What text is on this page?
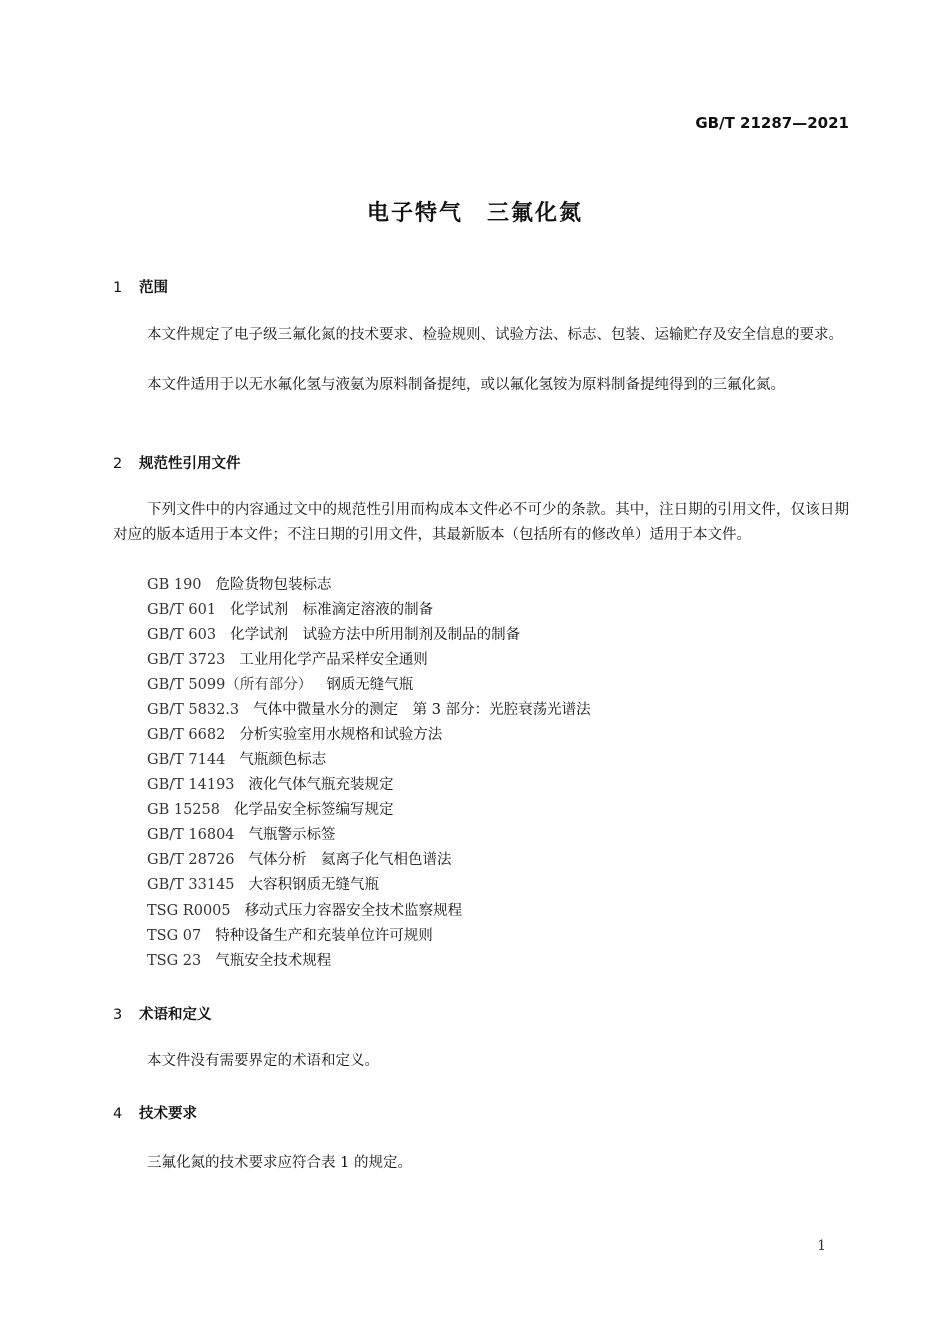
GB/T 21287—2021
电子特气　三氟化氮
1 范围
本文件规定了电子级三氟化氮的技术要求、检验规则、试验方法、标志、包装、运输贮存及安全信息的要求。
本文件适用于以无水氟化氢与液氨为原料制备提纯，或以氟化氢铵为原料制备提纯得到的三氟化氮。
2 规范性引用文件
下列文件中的内容通过文中的规范性引用而构成本文件必不可少的条款。其中，注日期的引用文件，仅该日期对应的版本适用于本文件；不注日期的引用文件，其最新版本（包括所有的修改单）适用于本文件。
GB 190 危险货物包装标志
GB/T 601 化学试剂　标准滴定溶液的制备
GB/T 603 化学试剂　试验方法中所用制剂及制品的制备
GB/T 3723 工业用化学产品采样安全通则
GB/T 5099（所有部分） 钢质无缝气瓶
GB/T 5832.3 气体中微量水分的测定　第 3 部分：光腔衰荡光谱法
GB/T 6682 分析实验室用水规格和试验方法
GB/T 7144 气瓶颜色标志
GB/T 14193 液化气体气瓶充装规定
GB 15258 化学品安全标签编写规定
GB/T 16804 气瓶警示标签
GB/T 28726 气体分析　氦离子化气相色谱法
GB/T 33145 大容积钢质无缝气瓶
TSG R0005 移动式压力容器安全技术监察规程
TSG 07 特种设备生产和充装单位许可规则
TSG 23 气瓶安全技术规程
3 术语和定义
本文件没有需要界定的术语和定义。
4 技术要求
三氟化氮的技术要求应符合表 1 的规定。
1
